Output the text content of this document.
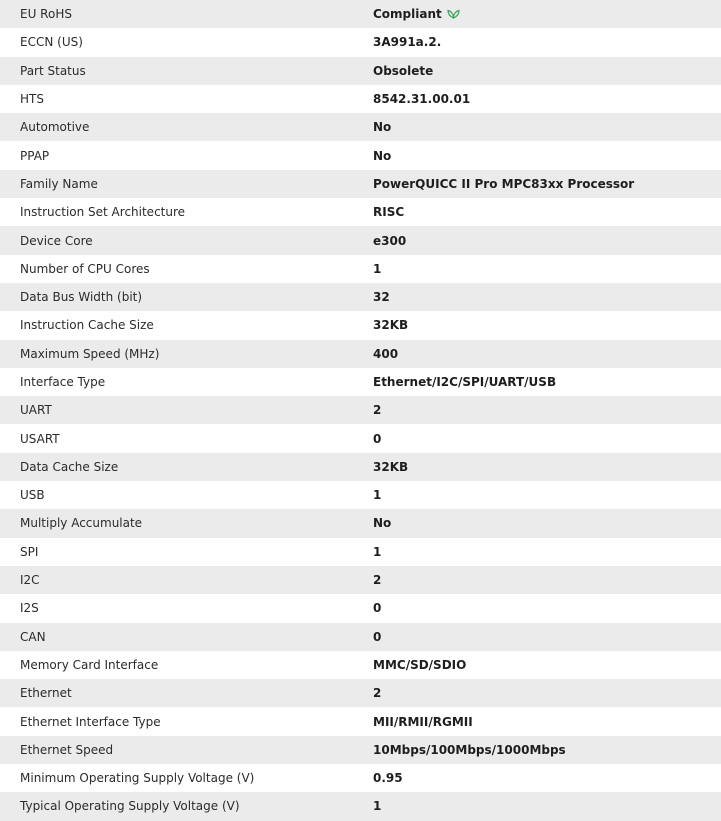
EU RoHS	Compliant
ECCN (US)	3A991a.2.
Part Status	Obsolete
HTS	8542.31.00.01
Automotive	No
PPAP	No
Family Name	PowerQUICC II Pro MPC83xx Processor
Instruction Set Architecture	RISC
Device Core	e300
Number of CPU Cores	1
Data Bus Width (bit)	32
Instruction Cache Size	32KB
Maximum Speed (MHz)	400
Interface Type	Ethernet/I2C/SPI/UART/USB
UART	2
USART	0
Data Cache Size	32KB
USB	1
Multiply Accumulate	No
SPI	1
I2C	2
I2S	0
CAN	0
Memory Card Interface	MMC/SD/SDIO
Ethernet	2
Ethernet Interface Type	MII/RMII/RGMII
Ethernet Speed	10Mbps/100Mbps/1000Mbps
Minimum Operating Supply Voltage (V)	0.95
Typical Operating Supply Voltage (V)	1
